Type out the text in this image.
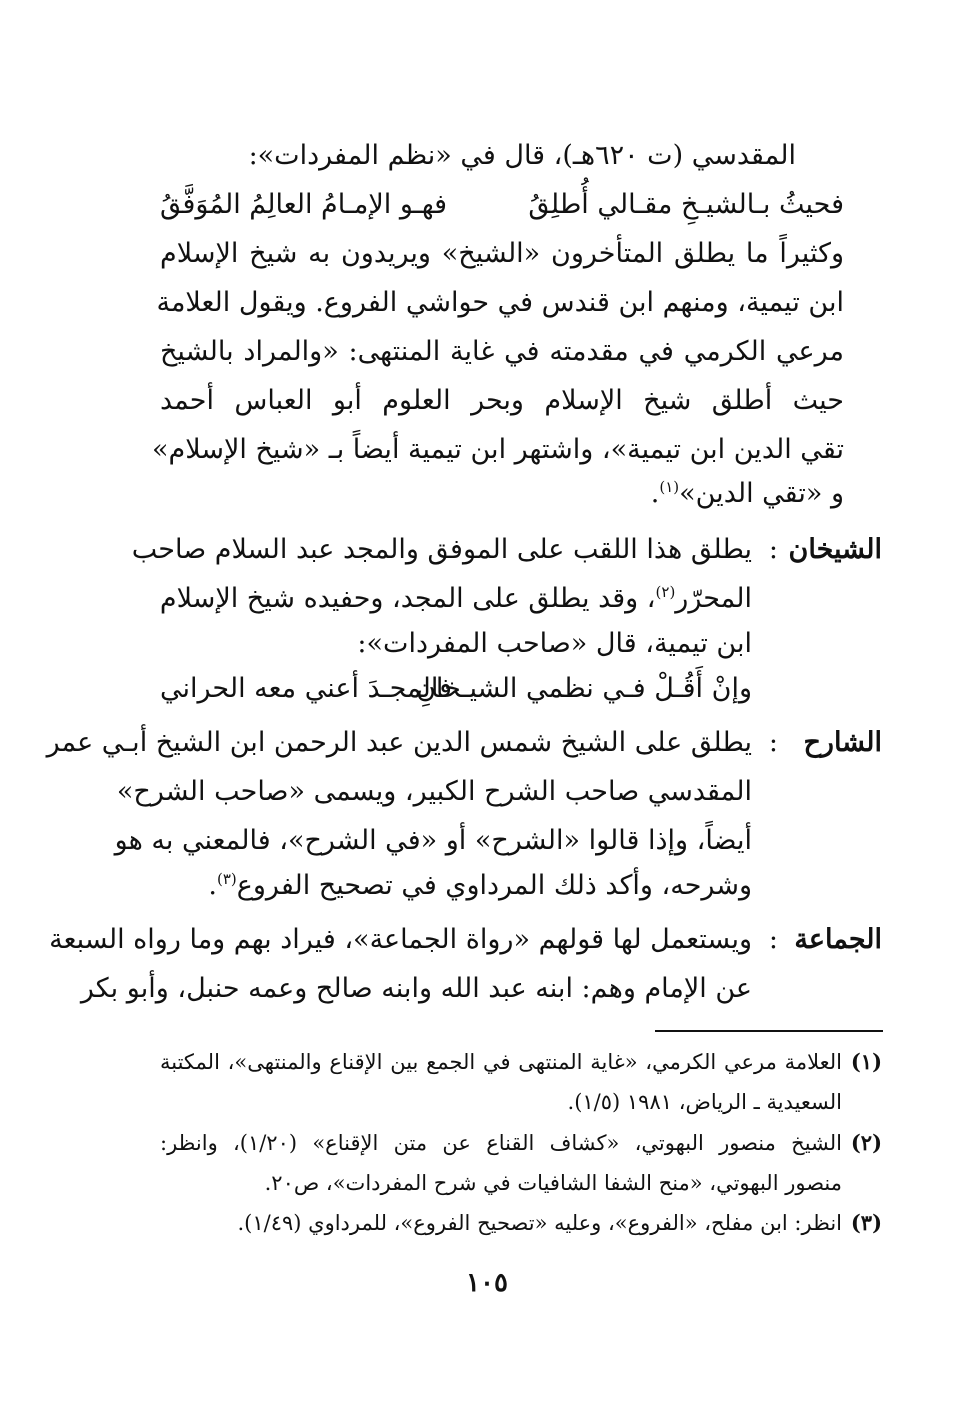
المقدسي (ت ٦٢٠هـ)، قال في «نظم المفردات»:
فحيثُ بـالشيـخِ مقـالي أُطلِقُ
فهـو الإمـامُ العالِمُ المُوَفَّقُ
وكثيراً ما يطلق المتأخرون «الشيخ» ويريدون به شيخ الإسلام
ابن تيمية، ومنهم ابن قندس في حواشي الفروع. ويقول العلامة
مرعي الكرمي في مقدمته في غاية المنتهى: «والمراد بالشيخ
حيث أطلق شيخ الإسلام وبحر العلوم أبو العباس أحمد
تقي الدين ابن تيمية»، واشتهر ابن تيمية أيضاً بـ «شيخ الإسلام»
و «تقي الدين»$^{(١)}$.
الشيخان
:
يطلق هذا اللقب على الموفق والمجد عبد السلام صاحب
المحرّر$^{(٢)}$، وقد يطلق على المجد، وحفيده شيخ الإسلام
ابن تيمية، قال «صاحب المفردات»:
وإنْ أَقُـلْ فـي نظمي الشيـخانِ
فالمجـدَ أعني معه الحراني
الشارح
:
يطلق على الشيخ شمس الدين عبد الرحمن ابن الشيخ أبـي عمر
المقدسي صاحب الشرح الكبير، ويسمى «صاحب الشرح»
أيضاً، وإذا قالوا «الشرح» أو «في الشرح»، فالمعني به هو
وشرحه، وأكد ذلك المرداوي في تصحيح الفروع$^{(٣)}$.
الجماعة
:
ويستعمل لها قولهم «رواة الجماعة»، فيراد بهم وما رواه السبعة
عن الإمام وهم: ابنه عبد الله وابنه صالح وعمه حنبل، وأبو بكر
(١)
العلامة مرعي الكرمي، «غاية المنتهى في الجمع بين الإقناع والمنتهى»، المكتبة
السعيدية ـ الرياض، ١٩٨١ (١/٥).
(٢)
الشيخ منصور البهوتي، «كشاف القناع عن متن الإقناع» (١/٢٠)، وانظر:
منصور البهوتي، «منح الشفا الشافيات في شرح المفردات»، ص٢٠.
(٣)
انظر: ابن مفلح، «الفروع»، وعليه «تصحيح الفروع»، للمرداوي (١/٤٩).
١٠٥
